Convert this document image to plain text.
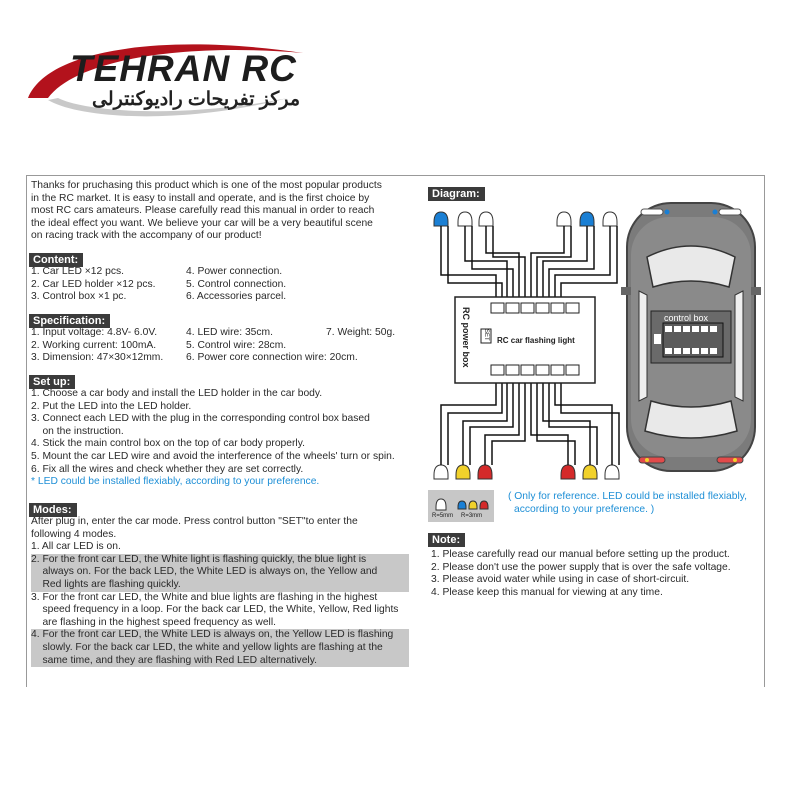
TEHRAN RC
مرکز تفریحات رادیوکنترلی
Thanks for pruchasing this product which is one of the most popular products
in the RC market. It is easy to install and operate, and is the first choice by
most RC cars amateurs. Please carefully read this manual in order to reach
the ideal effect you want. We believe your car will be a very beautiful scene
on racing track with the accompany of our product!
Content:
1. Car LED ×12 pcs.
2. Car LED holder ×12 pcs.
3. Control box ×1 pc.
4. Power connection.
5. Control connection.
6. Accessories parcel.
Specification:
1. Input voltage: 4.8V- 6.0V.
2. Working current: 100mA.
3. Dimension: 47×30×12mm.
4. LED wire: 35cm.
5. Control wire: 28cm.
6. Power core connection wire: 20cm.
7. Weight: 50g.
Set up:
1. Choose a car body and install the LED holder in the car body.
2. Put the LED into the LED holder.
3. Connect each LED with the plug in the corresponding control box based
on the instruction.
4. Stick the main control box on the top of car body properly.
5. Mount the car LED wire and avoid the interference of the wheels' turn or spin.
6. Fix all the wires and check whether they are set correctly.
* LED could be installed flexiably, according to your preference.
Modes:
After plug in, enter the car mode. Press control button "SET"to enter the
following 4 modes.
1. All car LED is on.
2. For the front car LED, the White light is flashing quickly, the blue light is
always on. For the back LED, the White LED is always on, the Yellow and
Red lights are flashing quickly.
3. For the front car LED, the White and blue lights are flashing in the highest
speed frequency in a loop. For the back car LED, the White, Yellow, Red lights
are flashing in the highest speed frequency as well.
4. For the front car LED, the White LED is always on, the Yellow LED is flashing
slowly. For the back car LED, the white and yellow lights are flashing at the
same time, and they are flashing with Red LED alternatively.
Diagram:
control box
RC car flashing light
RC power box SET
R=5mm R=3mm
( Only for reference. LED could be installed flexiably,
according to your preference. )
Note:
1. Please carefully read our manual before setting up the product.
2. Please don't use the power supply that is over the safe voltage.
3. Please avoid water while using in case of short-circuit.
4. Please keep this manual for viewing at any time.
